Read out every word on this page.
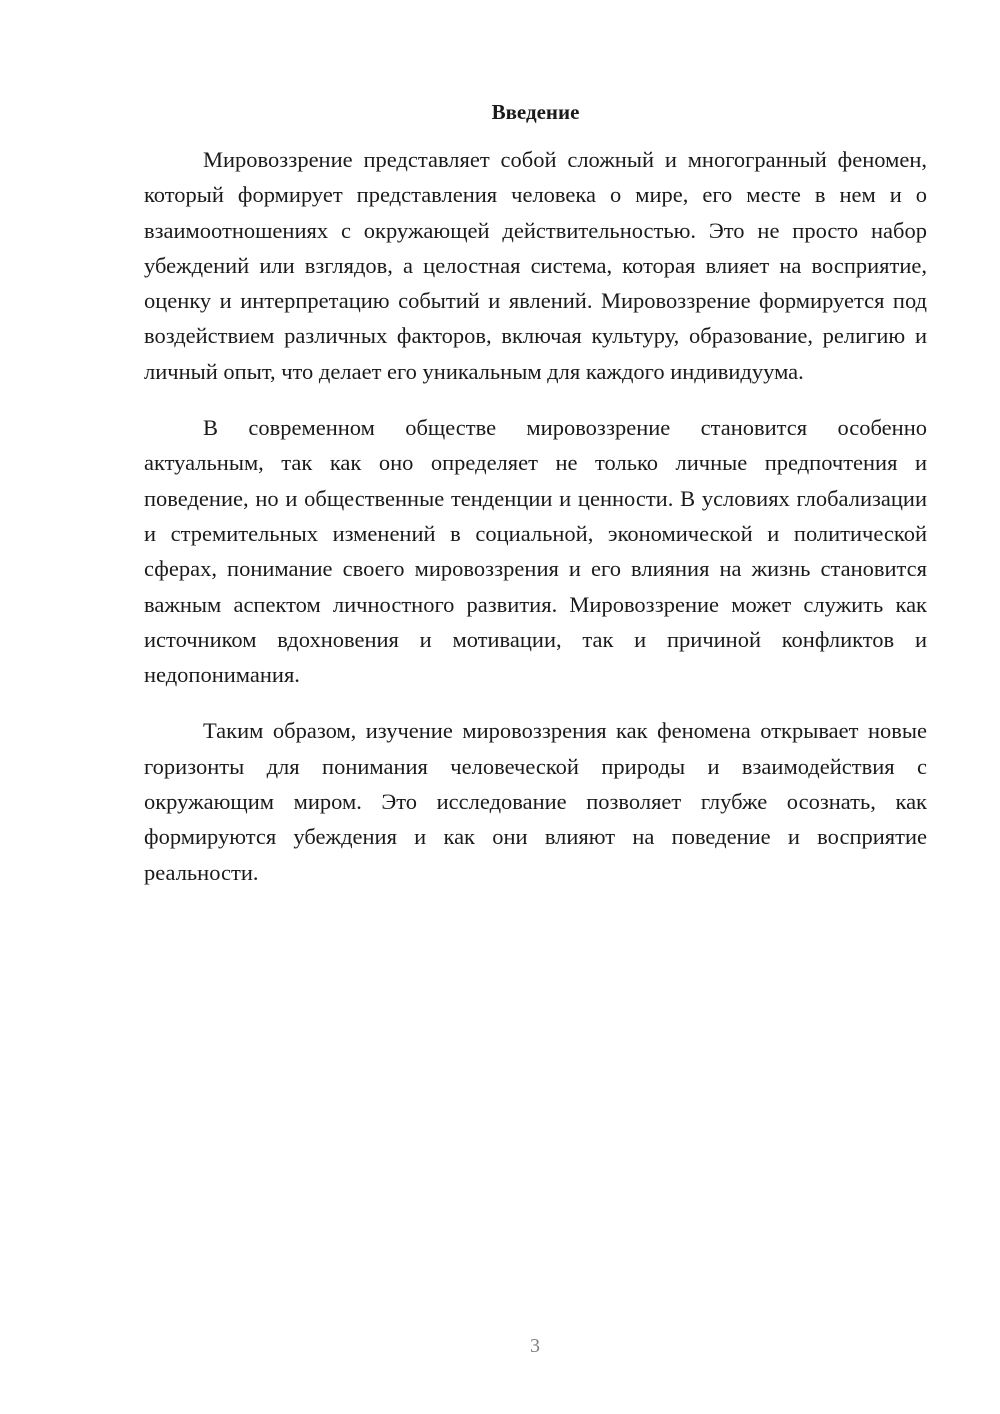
Введение

Мировоззрение представляет собой сложный и многогранный феномен, который формирует представления человека о мире, его месте в нем и о взаимоотношениях с окружающей действительностью. Это не просто набор убеждений или взглядов, а целостная система, которая влияет на восприятие, оценку и интерпретацию событий и явлений. Мировоззрение формируется под воздействием различных факторов, включая культуру, образование, религию и личный опыт, что делает его уникальным для каждого индивидуума.

В современном обществе мировоззрение становится особенно актуальным, так как оно определяет не только личные предпочтения и поведение, но и общественные тенденции и ценности. В условиях глобализации и стремительных изменений в социальной, экономической и политической сферах, понимание своего мировоззрения и его влияния на жизнь становится важным аспектом личностного развития. Мировоззрение может служить как источником вдохновения и мотивации, так и причиной конфликтов и недопонимания.

Таким образом, изучение мировоззрения как феномена открывает новые горизонты для понимания человеческой природы и взаимодействия с окружающим миром. Это исследование позволяет глубже осознать, как формируются убеждения и как они влияют на поведение и восприятие реальности.

3
